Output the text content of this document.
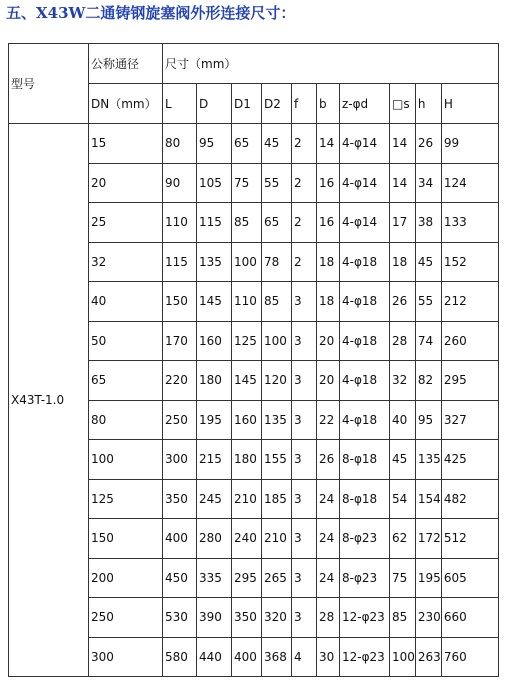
五、X43W二通铸钢旋塞阀外形连接尺寸：
型号	公称通径	尺寸（mm）									
	DN（mm）	L	D	D1	D2	f	b	z-φd	□s	h	H
X43T-1.0	15	80	95	65	45	2	14	4-φ14	14	26	99
	20	90	105	75	55	2	16	4-φ14	14	34	124
	25	110	115	85	65	2	16	4-φ14	17	38	133
	32	115	135	100	78	2	18	4-φ18	18	45	152
	40	150	145	110	85	3	18	4-φ18	26	55	212
	50	170	160	125	100	3	20	4-φ18	28	74	260
	65	220	180	145	120	3	20	4-φ18	32	82	295
	80	250	195	160	135	3	22	4-φ18	40	95	327
	100	300	215	180	155	3	26	8-φ18	45	135	425
	125	350	245	210	185	3	24	8-φ18	54	154	482
	150	400	280	240	210	3	24	8-φ23	62	172	512
	200	450	335	295	265	3	24	8-φ23	75	195	605
	250	530	390	350	320	3	28	12-φ23	85	230	660
	300	580	440	400	368	4	30	12-φ23	100	263	760
